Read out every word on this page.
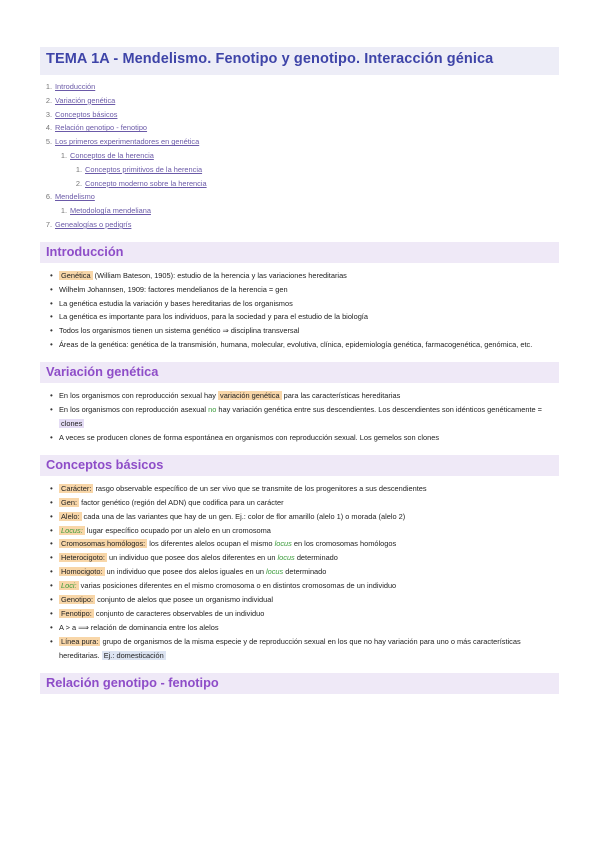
TEMA 1A - Mendelismo. Fenotipo y genotipo. Interacción génica
1. Introducción
2. Variación genética
3. Conceptos básicos
4. Relación genotipo - fenotipo
5. Los primeros experimentadores en genética
1. Conceptos de la herencia
1. Conceptos primitivos de la herencia
2. Concepto moderno sobre la herencia
6. Mendelismo
1. Metodología mendeliana
7. Genealogías o pedigrís
Introducción
• Genética (William Bateson, 1905): estudio de la herencia y las variaciones hereditarias
• Wilhelm Johannsen, 1909: factores mendelianos de la herencia = gen
• La genética estudia la variación y bases hereditarias de los organismos
• La genética es importante para los individuos, para la sociedad y para el estudio de la biología
• Todos los organismos tienen un sistema genético ⇒ disciplina transversal
• Áreas de la genética: genética de la transmisión, humana, molecular, evolutiva, clínica, epidemiología genética, farmacogenética, genómica, etc.
Variación genética
• En los organismos con reproducción sexual hay variación genética para las características hereditarias
• En los organismos con reproducción asexual no hay variación genética entre sus descendientes. Los descendientes son idénticos genéticamente = clones
• A veces se producen clones de forma espontánea en organismos con reproducción sexual. Los gemelos son clones
Conceptos básicos
• Carácter: rasgo observable específico de un ser vivo que se transmite de los progenitores a sus descendientes
• Gen: factor genético (región del ADN) que codifica para un carácter
• Alelo: cada una de las variantes que hay de un gen. Ej.: color de flor amarillo (alelo 1) o morada (alelo 2)
• Locus: lugar específico ocupado por un alelo en un cromosoma
• Cromosomas homólogos: los diferentes alelos ocupan el mismo locus en los cromosomas homólogos
• Heterocigoto: un individuo que posee dos alelos diferentes en un locus determinado
• Homocigoto: un individuo que posee dos alelos iguales en un locus determinado
• Loci: varias posiciones diferentes en el mismo cromosoma o en distintos cromosomas de un individuo
• Genotipo: conjunto de alelos que posee un organismo individual
• Fenotipo: conjunto de caracteres observables de un individuo
• A > a ⟹ relación de dominancia entre los alelos
• Línea pura: grupo de organismos de la misma especie y de reproducción sexual en los que no hay variación para uno o más características hereditarias. Ej.: domesticación
Relación genotipo - fenotipo
